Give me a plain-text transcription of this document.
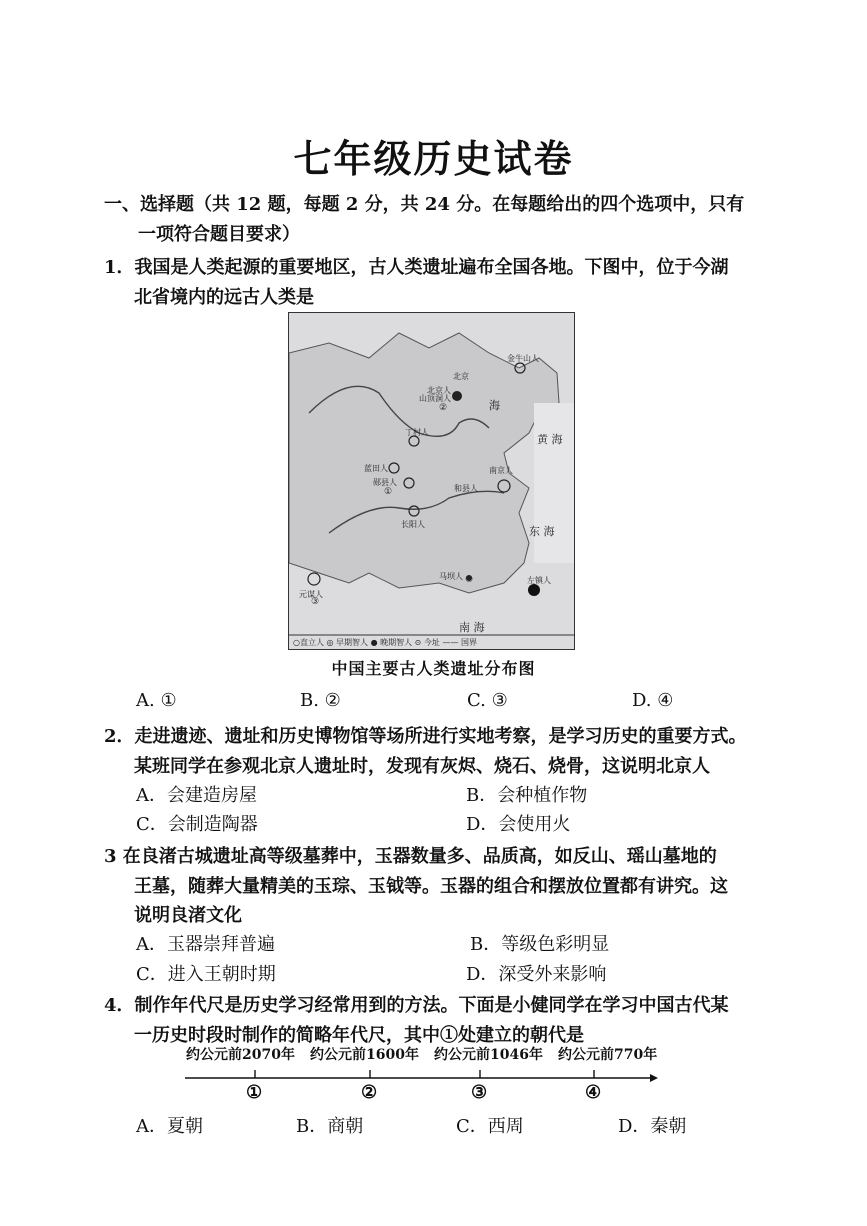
七年级历史试卷
一、选择题（共 12 题，每题 2 分，共 24 分。在每题给出的四个选项中，只有
一项符合题目要求）
1．我国是人类起源的重要地区，古人类遗址遍布全国各地。下图中，位于今湖
北省境内的远古人类是
北京
北京人
山顶洞人
金牛山人
海
黄 海
丁村人
蓝田人
郧县人
南京人
和县人
长阳人
东 海
马坝人	左镇人
元谋人
南 海
○直立人 ◎ 早期智人 ● 晚期智人 ⊙ 今址 —— 国界
①
②
③
④
中国主要古人类遗址分布图
A. ①	B. ②	C. ③	D. ④
2．走进遗迹、遗址和历史博物馆等场所进行实地考察，是学习历史的重要方式。
某班同学在参观北京人遗址时，发现有灰烬、烧石、烧骨，这说明北京人
A．会建造房屋	B．会种植作物
C．会制造陶器	D．会使用火
3 在良渚古城遗址高等级墓葬中，玉器数量多、品质高，如反山、瑶山墓地的
王墓，随葬大量精美的玉琮、玉钺等。玉器的组合和摆放位置都有讲究。这
说明良渚文化
A．玉器崇拜普遍	B．等级色彩明显
C．进入王朝时期	D．深受外来影响
4．制作年代尺是历史学习经常用到的方法。下面是小健同学在学习中国古代某
一历史时段时制作的简略年代尺，其中①处建立的朝代是
约公元前2070年 约公元前1600年 约公元前1046年 约公元前770年
①	②	③	④
A．夏朝	B．商朝	C．西周	D．秦朝
